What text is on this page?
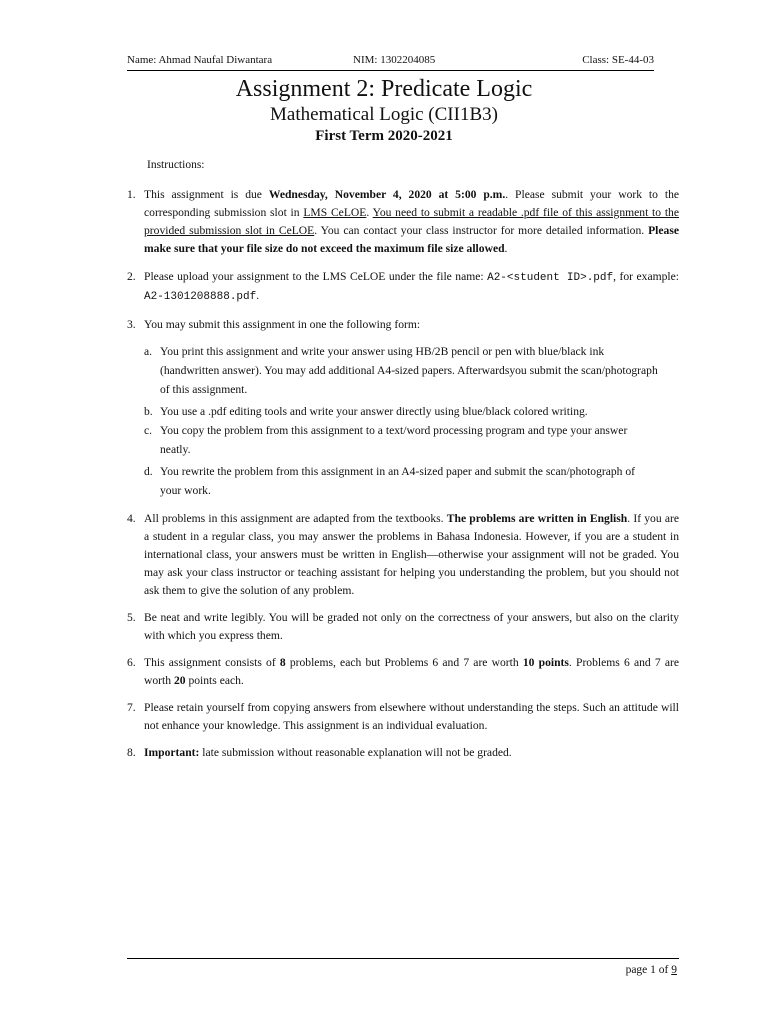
Name: Ahmad Naufal Diwantara	NIM: 1302204085	Class: SE-44-03
Assignment 2: Predicate Logic
Mathematical Logic (CII1B3)
First Term 2020-2021
Instructions:
1. This assignment is due Wednesday, November 4, 2020 at 5:00 p.m.. Please submit your work to the corresponding submission slot in LMS CeLOE. You need to submit a readable .pdf file of this assignment to the provided submission slot in CeLOE. You can contact your class instructor for more detailed information. Please make sure that your file size do not exceed the maximum file size allowed.
2. Please upload your assignment to the LMS CeLOE under the file name: A2-<student ID>.pdf, for example: A2-1301208888.pdf.
3. You may submit this assignment in one the following form:
a. You print this assignment and write your answer using HB/2B pencil or pen with blue/black ink (handwritten answer). You may add additional A4-sized papers. Afterwardsyou submit the scan/photograph of this assignment.
b. You use a .pdf editing tools and write your answer directly using blue/black colored writing.
c. You copy the problem from this assignment to a text/word processing program and type your answer neatly.
d. You rewrite the problem from this assignment in an A4-sized paper and submit the scan/photograph of your work.
4. All problems in this assignment are adapted from the textbooks. The problems are written in English. If you are a student in a regular class, you may answer the problems in Bahasa Indonesia. However, if you are a student in international class, your answers must be written in English—otherwise your assignment will not be graded. You may ask your class instructor or teaching assistant for helping you understanding the problem, but you should not ask them to give the solution of any problem.
5. Be neat and write legibly. You will be graded not only on the correctness of your answers, but also on the clarity with which you express them.
6. This assignment consists of 8 problems, each but Problems 6 and 7 are worth 10 points. Problems 6 and 7 are worth 20 points each.
7. Please retain yourself from copying answers from elsewhere without understanding the steps. Such an attitude will not enhance your knowledge. This assignment is an individual evaluation.
8. Important: late submission without reasonable explanation will not be graded.
page 1 of 9
